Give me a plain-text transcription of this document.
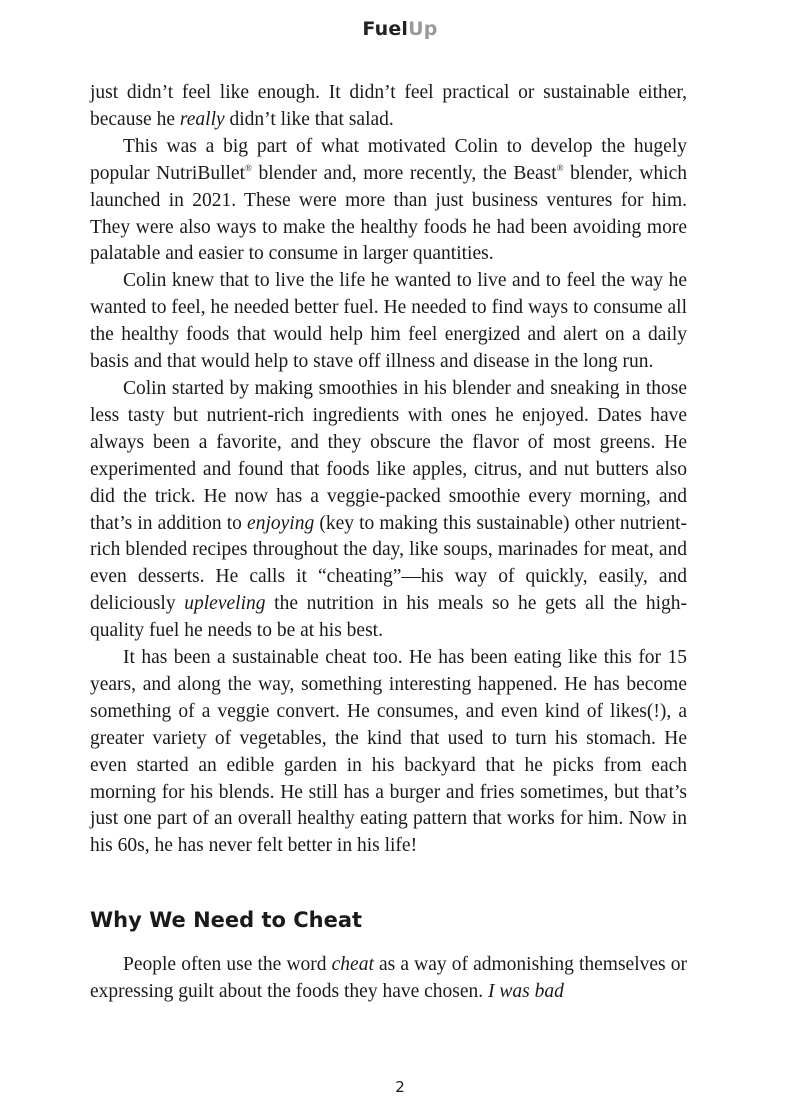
FuelUp

just didn’t feel like enough. It didn’t feel practical or sustainable either, because he really didn’t like that salad.

This was a big part of what motivated Colin to develop the hugely popular NutriBullet® blender and, more recently, the Beast® blender, which launched in 2021. These were more than just business ventures for him. They were also ways to make the healthy foods he had been avoiding more palatable and easier to consume in larger quantities.

Colin knew that to live the life he wanted to live and to feel the way he wanted to feel, he needed better fuel. He needed to find ways to consume all the healthy foods that would help him feel energized and alert on a daily basis and that would help to stave off illness and disease in the long run.

Colin started by making smoothies in his blender and sneaking in those less tasty but nutrient-rich ingredients with ones he enjoyed. Dates have always been a favorite, and they obscure the flavor of most greens. He experimented and found that foods like apples, citrus, and nut butters also did the trick. He now has a veggie-packed smoothie every morning, and that’s in addition to enjoying (key to making this sustainable) other nutrient-rich blended recipes throughout the day, like soups, marinades for meat, and even desserts. He calls it “cheating”—his way of quickly, easily, and deliciously upleveling the nutrition in his meals so he gets all the high-quality fuel he needs to be at his best.

It has been a sustainable cheat too. He has been eating like this for 15 years, and along the way, something interesting happened. He has become something of a veggie convert. He consumes, and even kind of likes(!), a greater variety of vegetables, the kind that used to turn his stomach. He even started an edible garden in his backyard that he picks from each morning for his blends. He still has a burger and fries sometimes, but that’s just one part of an overall healthy eating pattern that works for him. Now in his 60s, he has never felt better in his life!

Why We Need to Cheat

People often use the word cheat as a way of admonishing themselves or expressing guilt about the foods they have chosen. I was bad

2
